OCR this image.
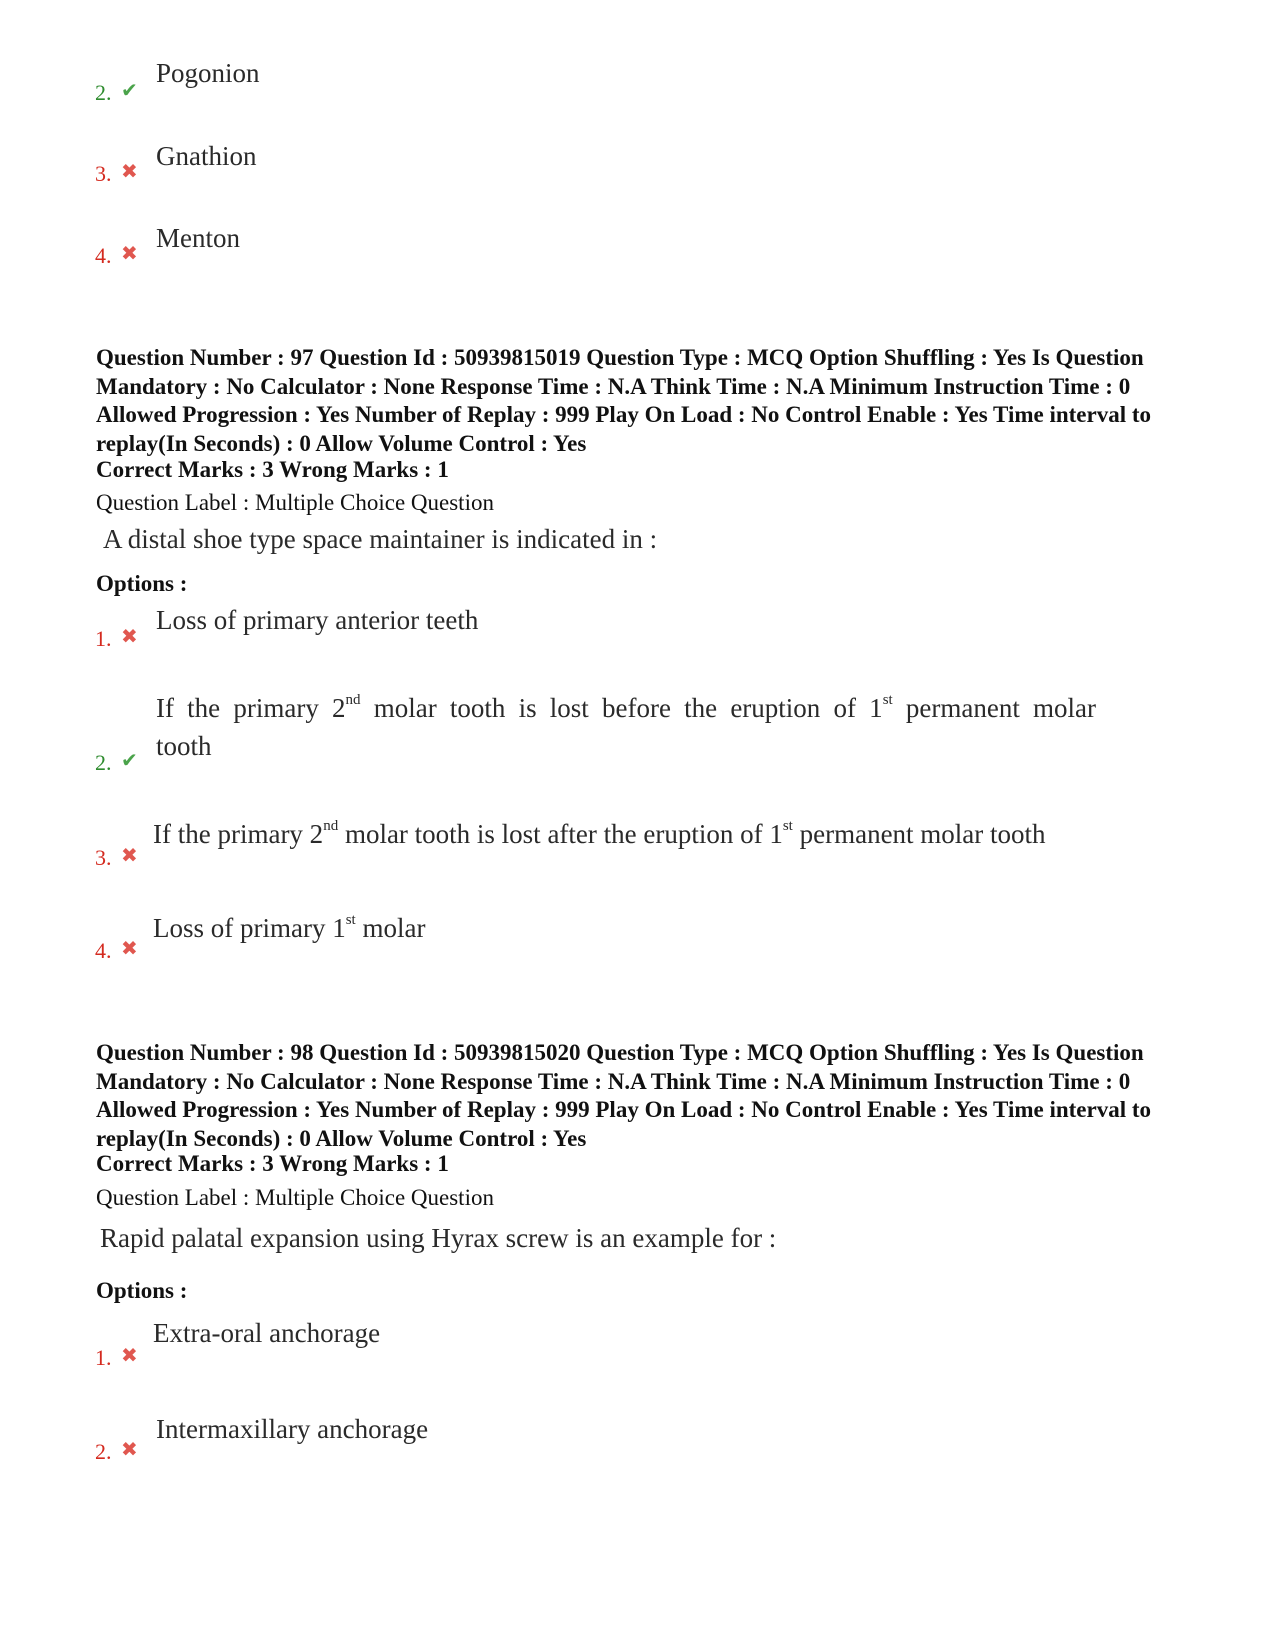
2. ✔
Pogonion
3. ✖ Gnathion
4. ✖ Menton
Question Number : 97 Question Id : 50939815019 Question Type : MCQ Option Shuffling : Yes Is Question Mandatory : No Calculator : None Response Time : N.A Think Time : N.A Minimum Instruction Time : 0 Allowed Progression : Yes Number of Replay : 999 Play On Load : No Control Enable : Yes Time interval to replay(In Seconds) : 0 Allow Volume Control : Yes
Correct Marks : 3 Wrong Marks : 1
Question Label : Multiple Choice Question
A distal shoe type space maintainer is indicated in :
Options :
1. ✖
Loss of primary anterior teeth
2. ✔
If the primary 2nd molar tooth is lost before the eruption of 1st permanent molar
tooth
3. ✖
If the primary 2nd molar tooth is lost after the eruption of 1st permanent molar tooth
4. ✖
Loss of primary 1st molar
Question Number : 98 Question Id : 50939815020 Question Type : MCQ Option Shuffling : Yes Is Question Mandatory : No Calculator : None Response Time : N.A Think Time : N.A Minimum Instruction Time : 0 Allowed Progression : Yes Number of Replay : 999 Play On Load : No Control Enable : Yes Time interval to replay(In Seconds) : 0 Allow Volume Control : Yes
Correct Marks : 3 Wrong Marks : 1
Question Label : Multiple Choice Question
Rapid palatal expansion using Hyrax screw is an example for :
Options :
1. ✖
Extra-oral anchorage
2. ✖
Intermaxillary anchorage
